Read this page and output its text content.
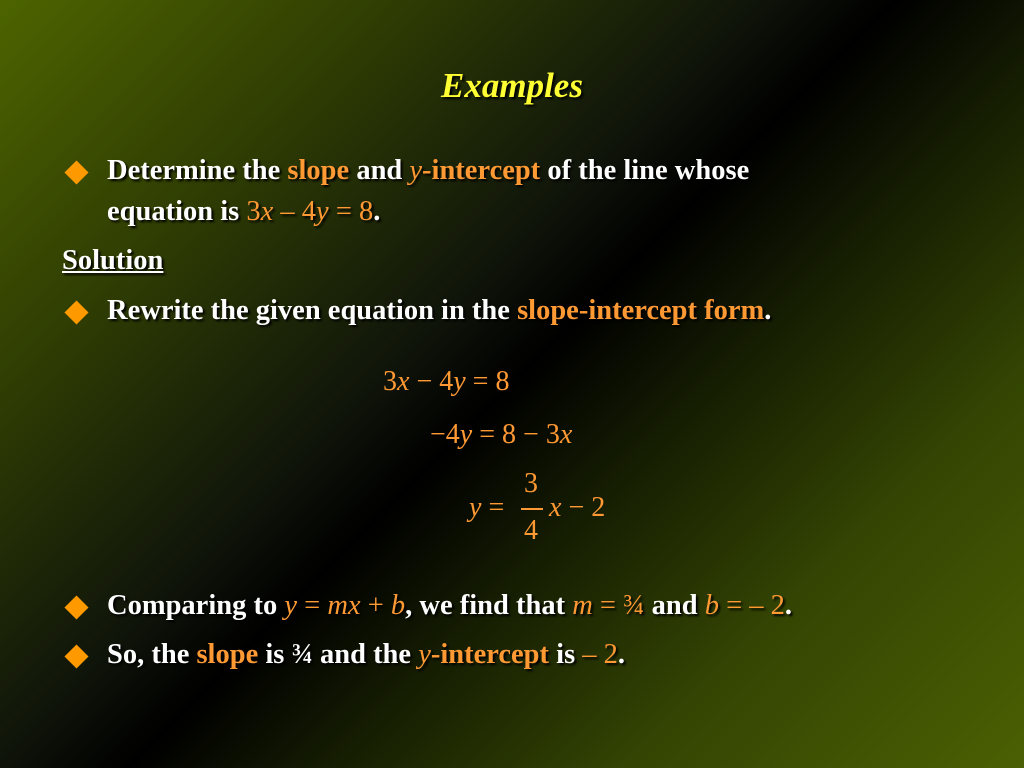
Examples
Determine the slope and y-intercept of the line whose
equation is 3x – 4y = 8.
Solution
Rewrite the given equation in the slope-intercept form.
3x − 4y = 8
−4y = 8 − 3x
y =
3
4
x − 2
Comparing to y = mx + b, we find that m = ¾ and b = – 2.
So, the slope is ¾ and the y-intercept is – 2.
